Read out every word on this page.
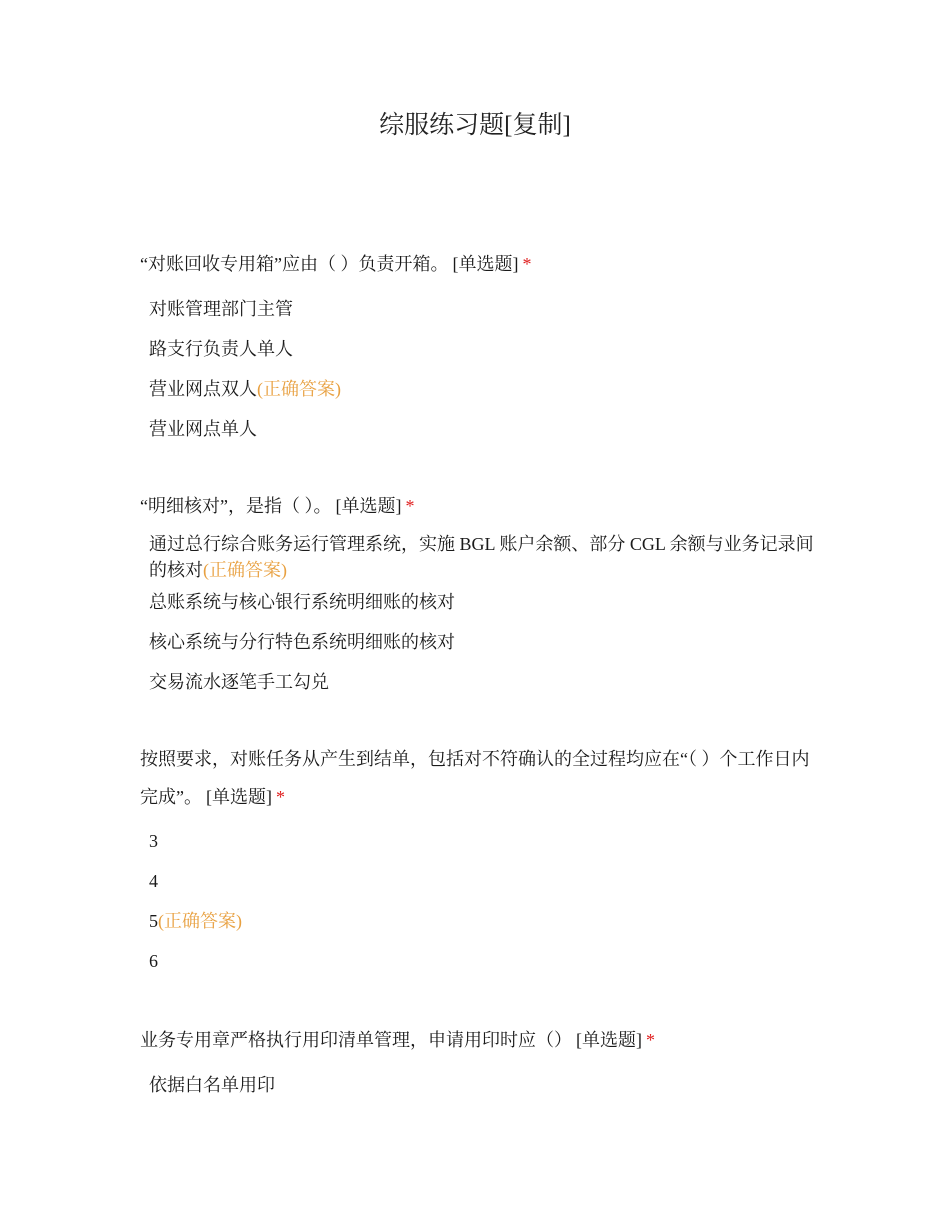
综服练习题[复制]

“对账回收专用箱”应由（ ）负责开箱。 [单选题] *

对账管理部门主管
路支行负责人单人
营业网点双人(正确答案)
营业网点单人

“明细核对”，是指（ ）。 [单选题] *

通过总行综合账务运行管理系统，实施 BGL 账户余额、部分 CGL 余额与业务记录间的核对(正确答案)
总账系统与核心银行系统明细账的核对
核心系统与分行特色系统明细账的核对
交易流水逐笔手工勾兑

按照要求，对账任务从产生到结单，包括对不符确认的全过程均应在“（ ）个工作日内完成”。 [单选题] *

3
4
5(正确答案)
6

业务专用章严格执行用印清单管理，申请用印时应（） [单选题] *

依据白名单用印
